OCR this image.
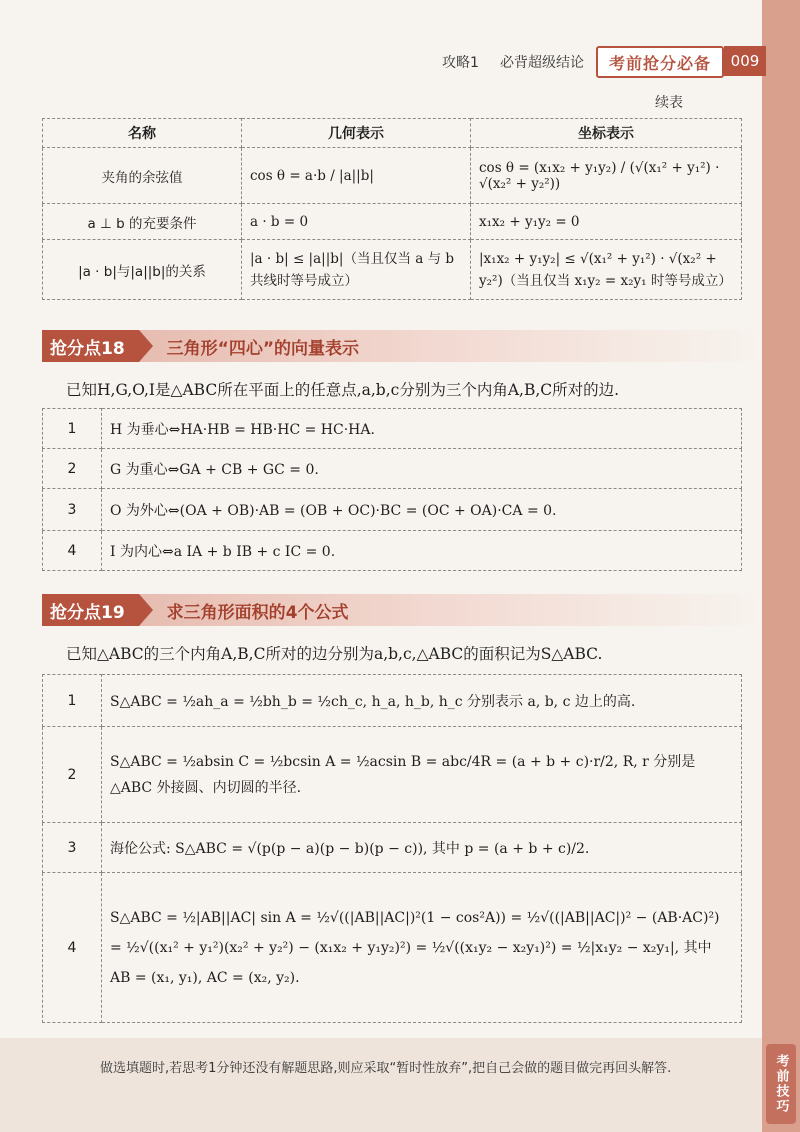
考前技巧
攻略1 必背超级结论	考前抢分必备	009
续表
名称	几何表示	坐标表示
夹角的余弦值	cos θ = a·b / |a||b|	cos θ = (x₁x₂ + y₁y₂) / (√(x₁² + y₁²) · √(x₂² + y₂²))
a ⊥ b 的充要条件	a · b = 0	x₁x₂ + y₁y₂ = 0
|a · b|与|a||b|的关系	|a · b| ≤ |a||b|（当且仅当 a 与 b 共线时等号成立）	|x₁x₂ + y₁y₂| ≤ √(x₁² + y₁²) · √(x₂² + y₂²)（当且仅当 x₁y₂ = x₂y₁ 时等号成立）
抢分点18	三角形“四心”的向量表示
已知H,G,O,I是△ABC所在平面上的任意点,a,b,c分别为三个内角A,B,C所对的边.
1	H 为垂心⇔HA·HB = HB·HC = HC·HA.
2	G 为重心⇔GA + CB + GC = 0.
3	O 为外心⇔(OA + OB)·AB = (OB + OC)·BC = (OC + OA)·CA = 0.
4	I 为内心⇔a IA + b IB + c IC = 0.
抢分点19	求三角形面积的4个公式
已知△ABC的三个内角A,B,C所对的边分别为a,b,c,△ABC的面积记为S△ABC.
1	S△ABC = ½ah_a = ½bh_b = ½ch_c, h_a, h_b, h_c 分别表示 a, b, c 边上的高.
2	S△ABC = ½absin C = ½bcsin A = ½acsin B = abc/4R = (a + b + c)·r/2, R, r 分别是△ABC 外接圆、内切圆的半径.
3	海伦公式: S△ABC = √(p(p − a)(p − b)(p − c)), 其中 p = (a + b + c)/2.
4	S△ABC = ½|AB||AC| sin A = ½√((|AB||AC|)²(1 − cos²A)) = ½√((|AB||AC|)² − (AB·AC)²) = ½√((x₁² + y₁²)(x₂² + y₂²) − (x₁x₂ + y₁y₂)²) = ½√((x₁y₂ − x₂y₁)²) = ½|x₁y₂ − x₂y₁|, 其中 AB = (x₁, y₁), AC = (x₂, y₂).
做选填题时,若思考1分钟还没有解题思路,则应采取“暂时性放弃”,把自己会做的题目做完再回头解答.
